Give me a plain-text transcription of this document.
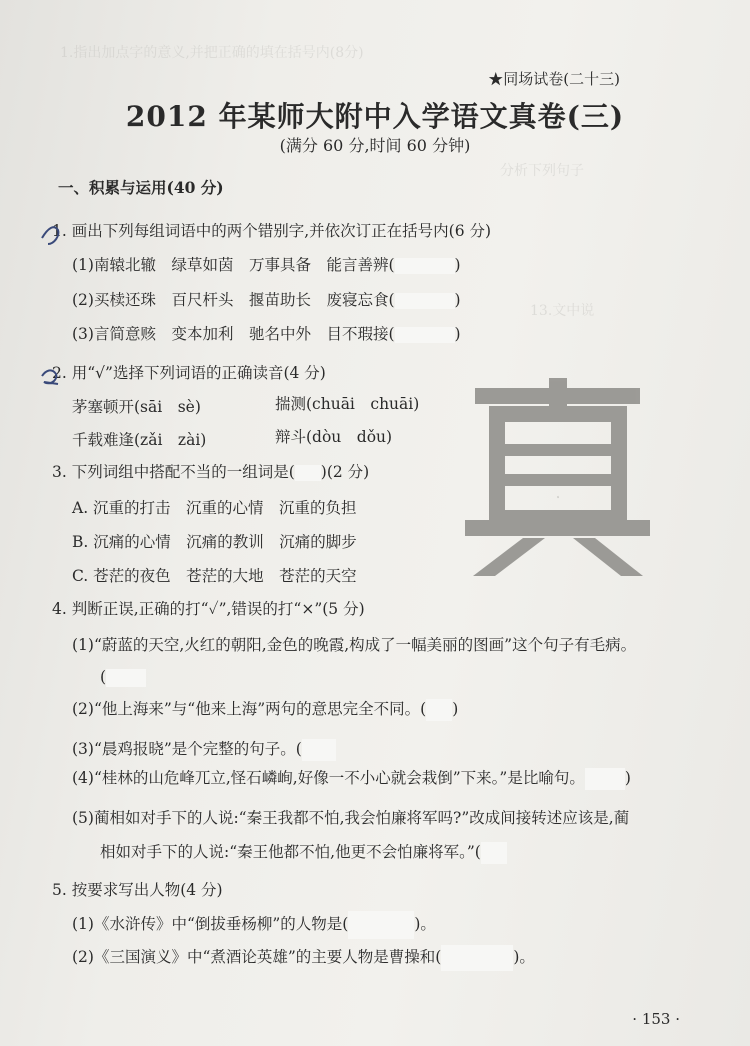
1.指出加点字的意义,并把正确的填在括号内(8分)
分析下列句子
13.文中说
★同场试卷(二十三)
2012 年某师大附中入学语文真卷(三)
(满分 60 分,时间 60 分钟)
一、积累与运用(40 分)
1. 画出下列每组词语中的两个错别字,并依次订正在括号内(6 分)
(1)南辕北辙　绿草如茵　万事具备　能言善辨(	)
(2)买椟还珠　百尺杆头　揠苗助长　废寝忘食(	)
(3)言简意赅　变本加利　驰名中外　目不瑕接(	)
2. 用“√”选择下列词语的正确读音(4 分)
茅塞顿开(sāi　sè)	揣测(chuāi　chuāi)
千载难逢(zǎi　zài)	辩斗(dòu　dǒu)
3. 下列词组中搭配不当的一组词是( )(2 分)
A. 沉重的打击　沉重的心情　沉重的负担
B. 沉痛的心情　沉痛的教训　沉痛的脚步
C. 苍茫的夜色　苍茫的大地　苍茫的天空
4. 判断正误,正确的打“✓”,错误的打“×”(5 分)
(1)“蔚蓝的天空,火红的朝阳,金色的晚霞,构成了一幅美丽的图画”这个句子有毛病。
(
(2)“他上海来”与“他来上海”两句的意思完全不同。( )
(3)“晨鸡报晓”是个完整的句子。(
(4)“桂林的山危峰兀立,怪石嶙峋,好像一不小心就会栽倒”下来。”是比喻句。	)
(5)蔺相如对手下的人说:“秦王我都不怕,我会怕廉将军吗?”改成间接转述应该是,蔺
相如对手下的人说:“秦王他都不怕,他更不会怕廉将军。”(
5. 按要求写出人物(4 分)
(1)《水浒传》中“倒拔垂杨柳”的人物是(	)。
(2)《三国演义》中“煮酒论英雄”的主要人物是曹操和(	)。
真
· 153 ·
